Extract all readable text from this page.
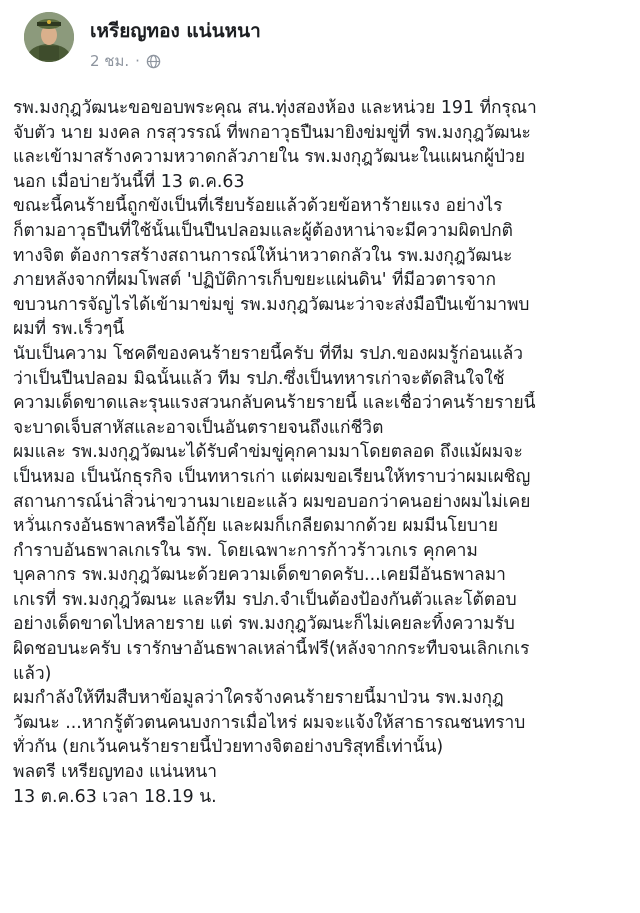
เหรียญทอง แน่นหนา
2 ชม. ·
รพ.มงกุฎวัฒนะขอขอบพระคุณ สน.ทุ่งสองห้อง และหน่วย 191 ที่กรุณา
จับตัว นาย มงคล กรสุวรรณ์ ที่พกอาวุธปืนมายิงข่มขู่ที่ รพ.มงกุฎวัฒนะ
และเข้ามาสร้างความหวาดกลัวภายใน รพ.มงกุฎวัฒนะในแผนกผู้ป่วย
นอก เมื่อบ่ายวันนี้ที่ 13 ต.ค.63
ขณะนี้คนร้ายนี้ถูกขังเป็นที่เรียบร้อยแล้วด้วยข้อหาร้ายแรง อย่างไร
ก็ตามอาวุธปืนที่ใช้นั้นเป็นปืนปลอมและผู้ต้องหาน่าจะมีความผิดปกติ
ทางจิต ต้องการสร้างสถานการณ์ให้น่าหวาดกลัวใน รพ.มงกุฎวัฒนะ
ภายหลังจากที่ผมโพสต์ 'ปฏิบัติการเก็บขยะแผ่นดิน' ที่มีอวตารจาก
ขบวนการจัญไรได้เข้ามาข่มขู่ รพ.มงกุฎวัฒนะว่าจะส่งมือปืนเข้ามาพบ
ผมที่ รพ.เร็วๆนี้
นับเป็นความ โชคดีของคนร้ายรายนี้ครับ ที่ทีม รปภ.ของผมรู้ก่อนแล้ว
ว่าเป็นปืนปลอม มิฉนั้นแล้ว ทีม รปภ.ซึ่งเป็นทหารเก่าจะตัดสินใจใช้
ความเด็ดขาดและรุนแรงสวนกลับคนร้ายรายนี้ และเชื่อว่าคนร้ายรายนี้
จะบาดเจ็บสาหัสและอาจเป็นอันตรายจนถึงแก่ชีวิต
ผมและ รพ.มงกุฎวัฒนะได้รับคำข่มขู่คุกคามมาโดยตลอด ถึงแม้ผมจะ
เป็นหมอ เป็นนักธุรกิจ เป็นทหารเก่า แต่ผมขอเรียนให้ทราบว่าผมเผชิญ
สถานการณ์น่าสิ่วน่าขวานมาเยอะแล้ว ผมขอบอกว่าคนอย่างผมไม่เคย
หวั่นเกรงอันธพาลหรือไอ้กุ๊ย และผมก็เกลียดมากด้วย ผมมีนโยบาย
กำราบอันธพาลเกเรใน รพ. โดยเฉพาะการก้าวร้าวเกเร คุกคาม
บุคลากร รพ.มงกุฎวัฒนะด้วยความเด็ดขาดครับ...เคยมีอันธพาลมา
เกเรที่ รพ.มงกุฎวัฒนะ และทีม รปภ.จำเป็นต้องป้องกันตัวและโต้ตอบ
อย่างเด็ดขาดไปหลายราย แต่ รพ.มงกุฎวัฒนะก็ไม่เคยละทิ้งความรับ
ผิดชอบนะครับ เรารักษาอันธพาลเหล่านี้ฟรี(หลังจากกระทืบจนเลิกเกเร
แล้ว)
ผมกำลังให้ทีมสืบหาข้อมูลว่าใครจ้างคนร้ายรายนี้มาป่วน รพ.มงกุฎ
วัฒนะ ...หากรู้ตัวตนคนบงการเมื่อไหร่ ผมจะแจ้งให้สาธารณชนทราบ
ทั่วกัน (ยกเว้นคนร้ายรายนี้ป่วยทางจิตอย่างบริสุทธิ์เท่านั้น)
พลตรี เหรียญทอง แน่นหนา
13 ต.ค.63 เวลา 18.19 น.
